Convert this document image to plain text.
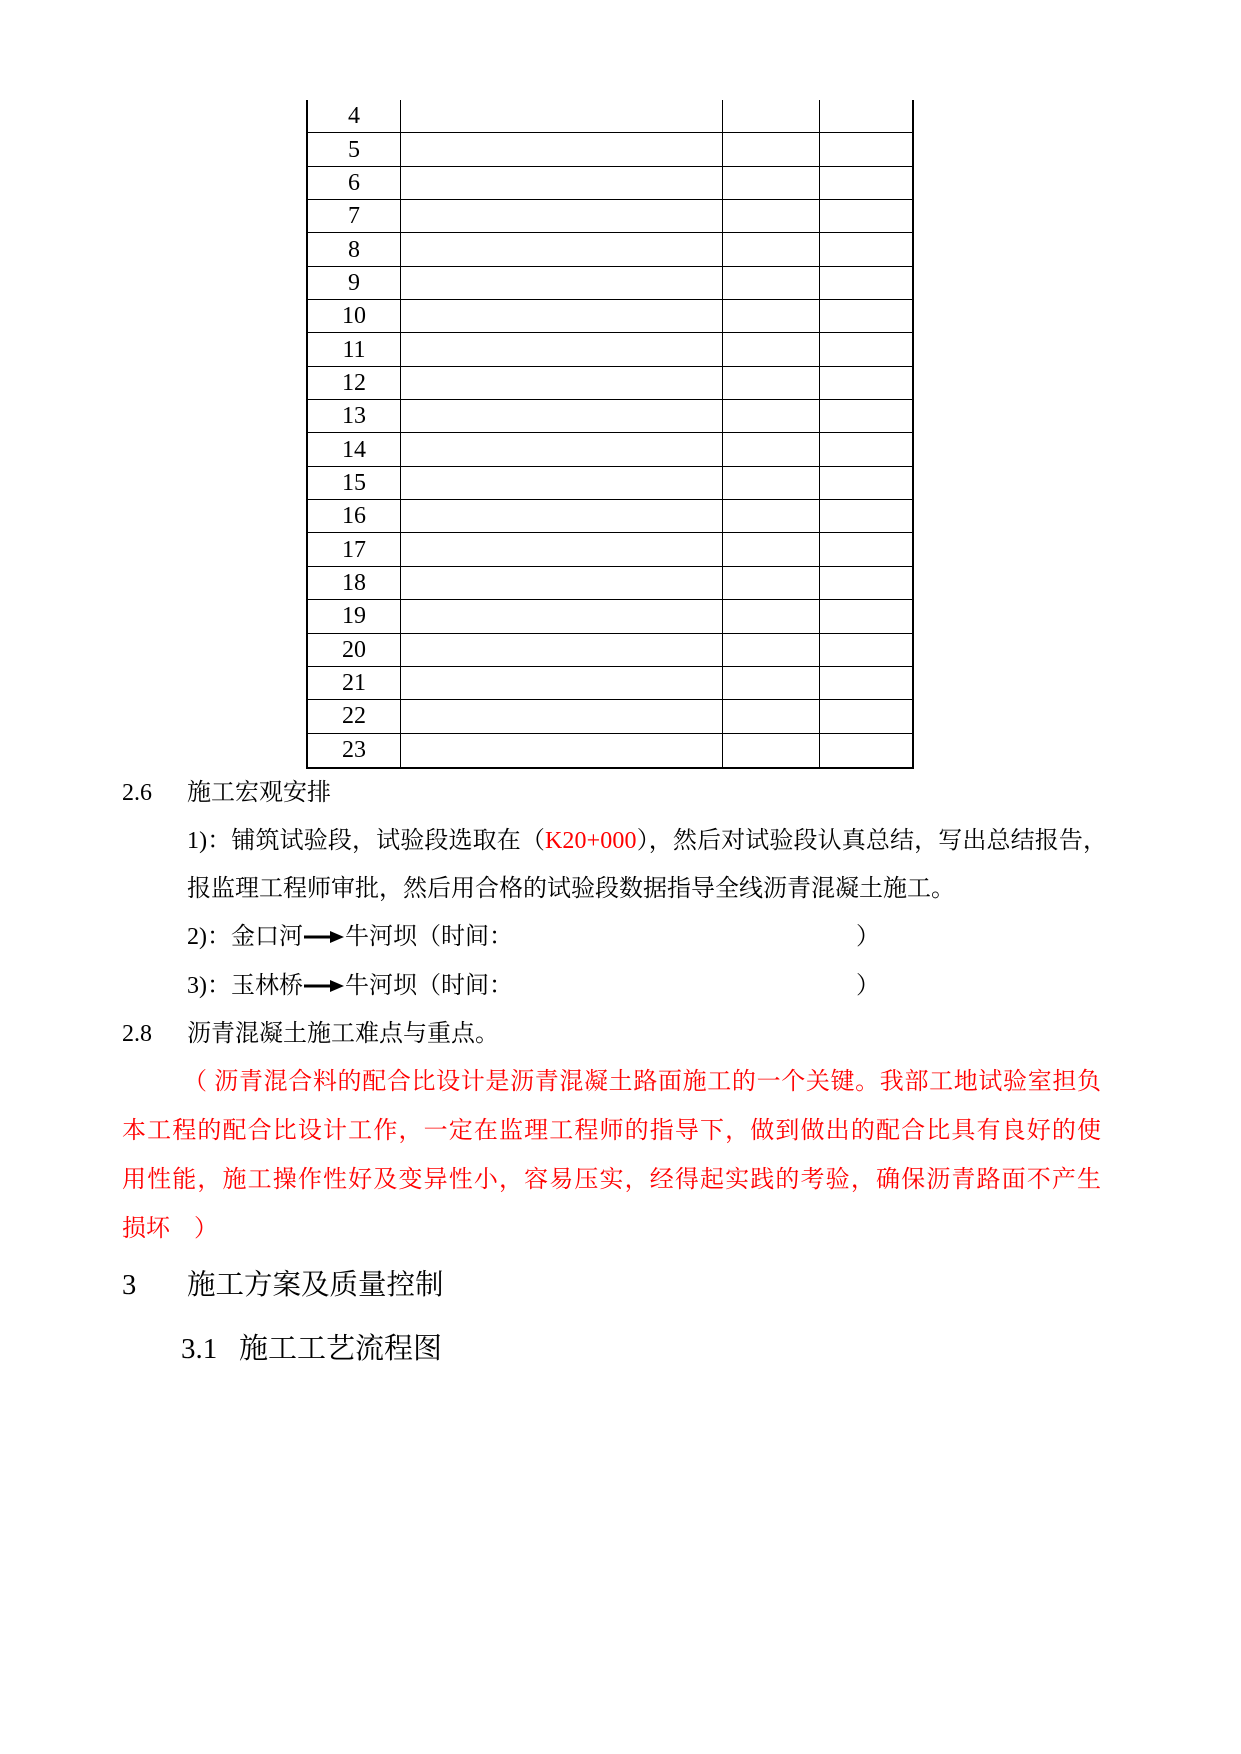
4
5
6
7
8
9
10
11
12
13
14
15
16
17
18
19
20
21
22
23
2.6 施工宏观安排
1)：铺筑试验段，试验段选取在（K20+000），然后对试验段认真总结，写出总结报告，
报监理工程师审批，然后用合格的试验段数据指导全线沥青混凝土施工。
2)：金口河 牛河坝（时间：	）
3)：玉林桥 牛河坝（时间：	）
2.8 沥青混凝土施工难点与重点。
（ 沥青混合料的配合比设计是沥青混凝土路面施工的一个关键。我部工地试验室担负
本工程的配合比设计工作，一定在监理工程师的指导下，做到做出的配合比具有良好的使
用性能，施工操作性好及变异性小，容易压实，经得起实践的考验，确保沥青路面不产生
损坏　）
3 施工方案及质量控制
3.1 施工工艺流程图
